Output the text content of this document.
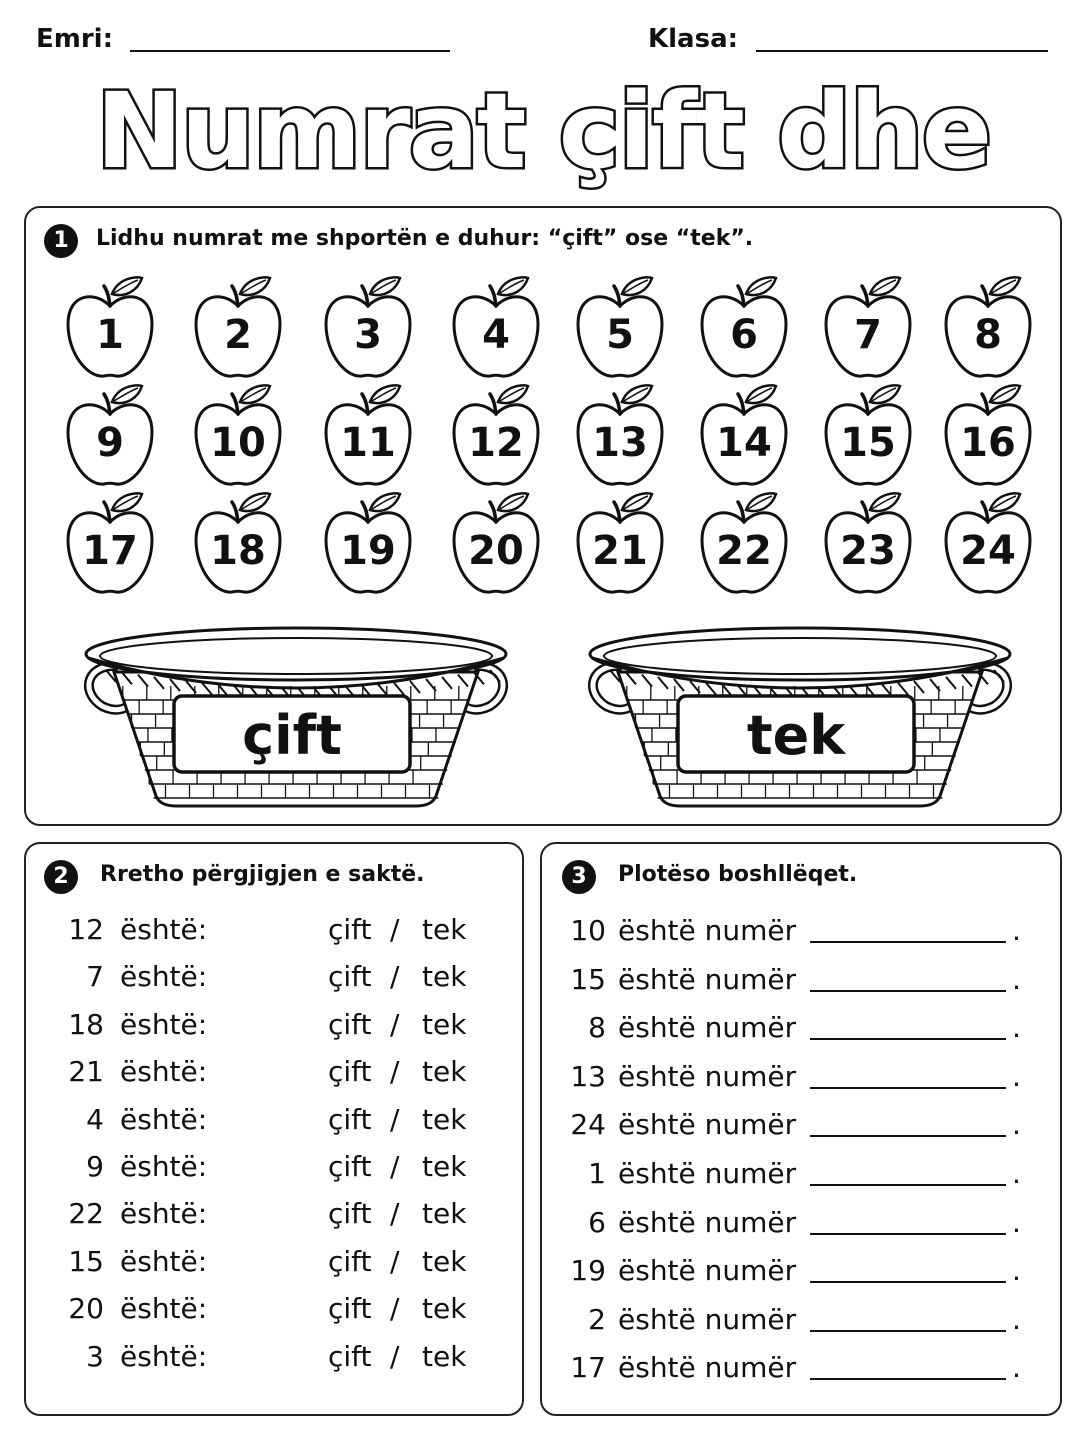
Emri:	Klasa:
Numrat çift dhe
1	Lidhu numrat me shportën e duhur: “çift” ose “tek”.
1	2	3	4	5	6	7	8
9	10	11	12	13	14	15	16
17	18	19	20	21	22	23	24
çift	tek
2	Rretho përgjigjen e saktë.
12 është:	çift / tek
7 është:	çift / tek
18 është:	çift / tek
21 është:	çift / tek
4 është:	çift / tek
9 është:	çift / tek
22 është:	çift / tek
15 është:	çift / tek
20 është:	çift / tek
3 është:	çift / tek
3	Plotëso boshllëqet.
10 është numër	.
15 është numër	.
8 është numër	.
13 është numër	.
24 është numër	.
1 është numër	.
6 është numër	.
19 është numër	.
2 është numër	.
17 është numër	.
